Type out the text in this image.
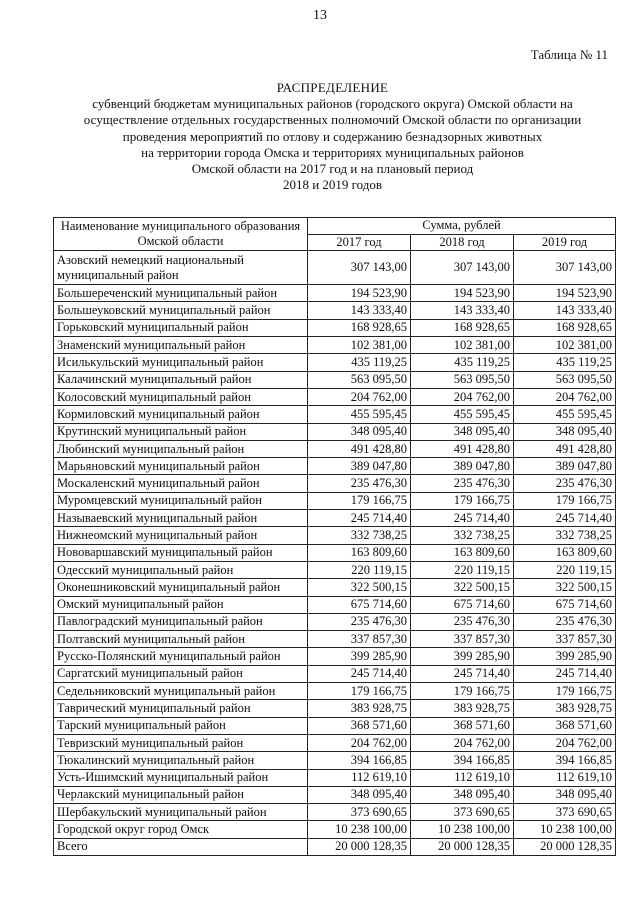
13
Таблица № 11
РАСПРЕДЕЛЕНИЕ
субвенций бюджетам муниципальных районов (городского округа) Омской области на
осуществление отдельных государственных полномочий Омской области по организации
проведения мероприятий по отлову и содержанию безнадзорных животных
на территории города Омска и территориях муниципальных районов
Омской области на 2017 год и на плановый период
2018 и 2019 годов
Наименование муниципального образования Омской области	Сумма, рублей		
	2017 год	2018 год	2019 год
Азовский немецкий национальный муниципальный район	307 143,00	307 143,00	307 143,00
Большереченский муниципальный район	194 523,90	194 523,90	194 523,90
Большеуковский муниципальный район	143 333,40	143 333,40	143 333,40
Горьковский муниципальный район	168 928,65	168 928,65	168 928,65
Знаменский муниципальный район	102 381,00	102 381,00	102 381,00
Исилькульский муниципальный район	435 119,25	435 119,25	435 119,25
Калачинский муниципальный район	563 095,50	563 095,50	563 095,50
Колосовский муниципальный район	204 762,00	204 762,00	204 762,00
Кормиловский муниципальный район	455 595,45	455 595,45	455 595,45
Крутинский муниципальный район	348 095,40	348 095,40	348 095,40
Любинский муниципальный район	491 428,80	491 428,80	491 428,80
Марьяновский муниципальный район	389 047,80	389 047,80	389 047,80
Москаленский муниципальный район	235 476,30	235 476,30	235 476,30
Муромцевский муниципальный район	179 166,75	179 166,75	179 166,75
Называевский муниципальный район	245 714,40	245 714,40	245 714,40
Нижнеомский муниципальный район	332 738,25	332 738,25	332 738,25
Нововаршавский муниципальный район	163 809,60	163 809,60	163 809,60
Одесский муниципальный район	220 119,15	220 119,15	220 119,15
Оконешниковский муниципальный район	322 500,15	322 500,15	322 500,15
Омский муниципальный район	675 714,60	675 714,60	675 714,60
Павлоградский муниципальный район	235 476,30	235 476,30	235 476,30
Полтавский муниципальный район	337 857,30	337 857,30	337 857,30
Русско-Полянский муниципальный район	399 285,90	399 285,90	399 285,90
Саргатский муниципальный район	245 714,40	245 714,40	245 714,40
Седельниковский муниципальный район	179 166,75	179 166,75	179 166,75
Таврический муниципальный район	383 928,75	383 928,75	383 928,75
Тарский муниципальный район	368 571,60	368 571,60	368 571,60
Тевризский муниципальный район	204 762,00	204 762,00	204 762,00
Тюкалинский муниципальный район	394 166,85	394 166,85	394 166,85
Усть-Ишимский муниципальный район	112 619,10	112 619,10	112 619,10
Черлакский муниципальный район	348 095,40	348 095,40	348 095,40
Шербакульский муниципальный район	373 690,65	373 690,65	373 690,65
Городской округ город Омск	10 238 100,00	10 238 100,00	10 238 100,00
Всего	20 000 128,35	20 000 128,35	20 000 128,35
